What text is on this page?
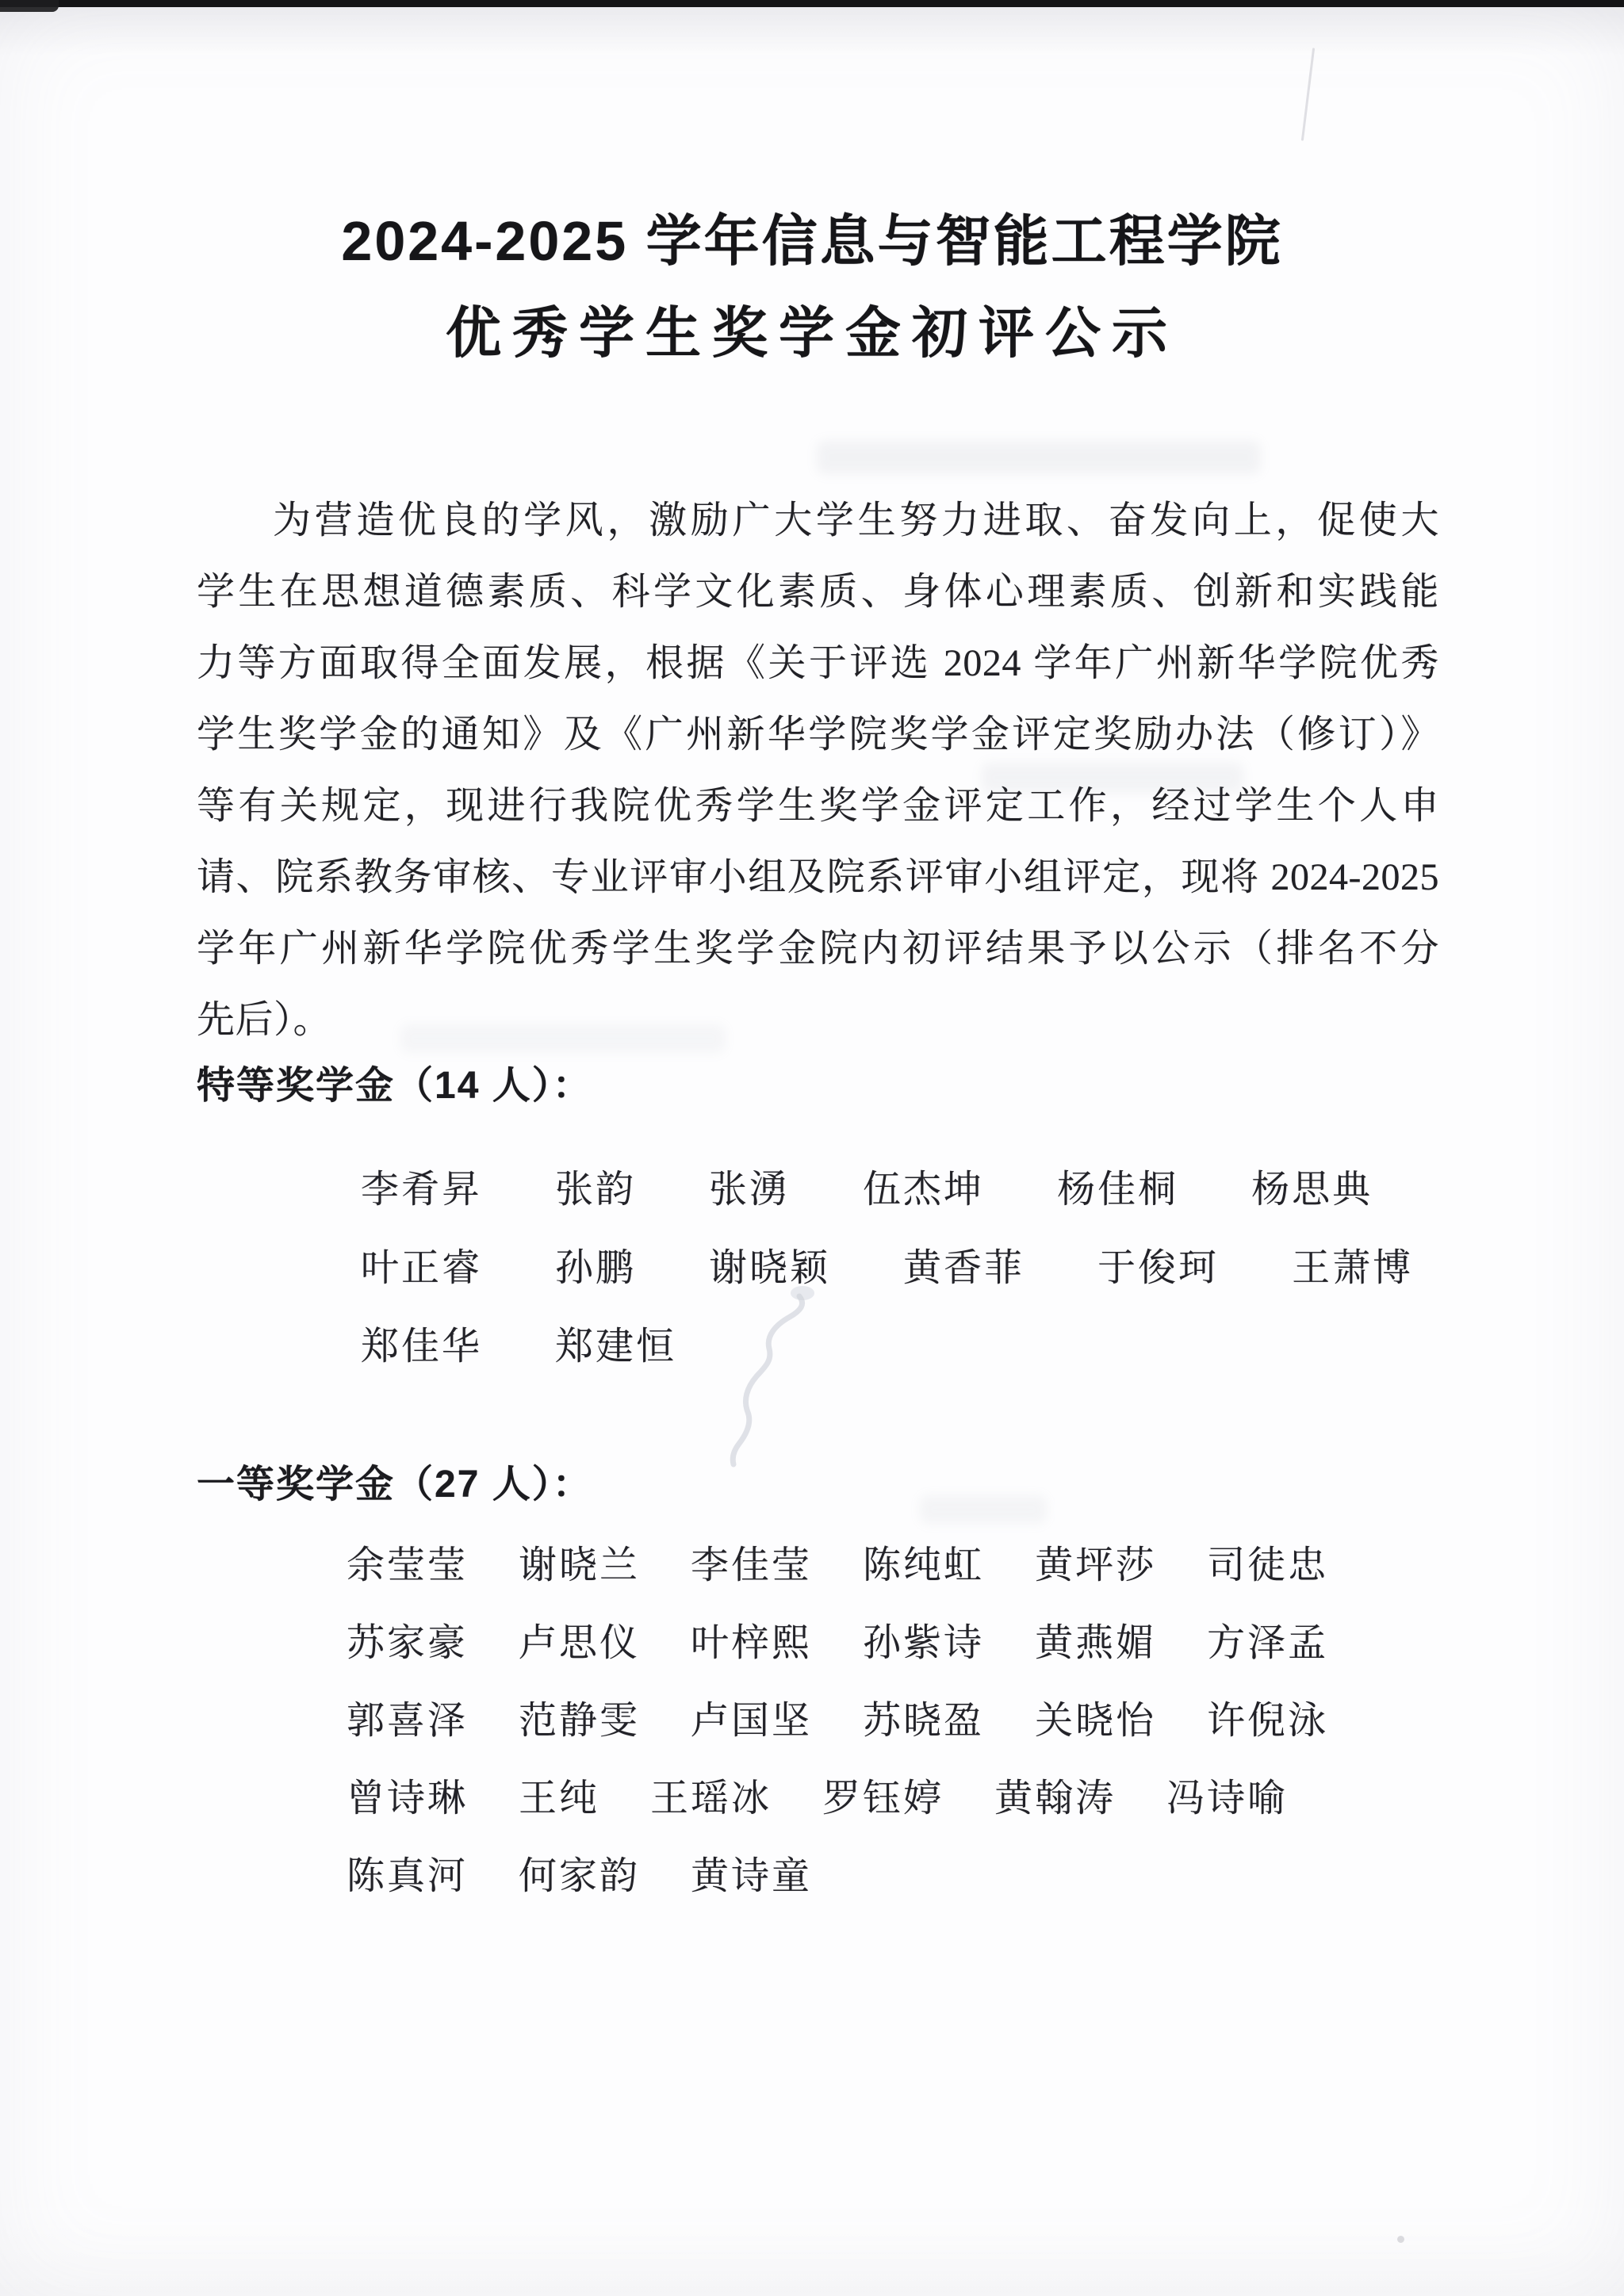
2024-2025 学年信息与智能工程学院
优秀学生奖学金初评公示
为营造优良的学风，激励广大学生努力进取、奋发向上，促使大
学生在思想道德素质、科学文化素质、身体心理素质、创新和实践能
力等方面取得全面发展，根据《关于评选 2024 学年广州新华学院优秀
学生奖学金的通知》及《广州新华学院奖学金评定奖励办法（修订）》
等有关规定，现进行我院优秀学生奖学金评定工作，经过学生个人申
请、院系教务审核、专业评审小组及院系评审小组评定，现将 2024-2025
学年广州新华学院优秀学生奖学金院内初评结果予以公示（排名不分
先后）。
特等奖学金（14 人）：
李肴昇 张韵 张湧 伍杰坤 杨佳桐 杨思典
叶正睿 孙鹏 谢晓颖 黄香菲 于俊珂 王萧博
郑佳华 郑建恒
一等奖学金（27 人）：
余莹莹 谢晓兰 李佳莹 陈纯虹 黄坪莎 司徒忠
苏家豪 卢思仪 叶梓熙 孙紫诗 黄燕媚 方泽孟
郭喜泽 范静雯 卢国坚 苏晓盈 关晓怡 许倪泳
曾诗琳 王纯 王瑶冰 罗钰婷 黄翰涛 冯诗喻
陈真河 何家韵 黄诗童
